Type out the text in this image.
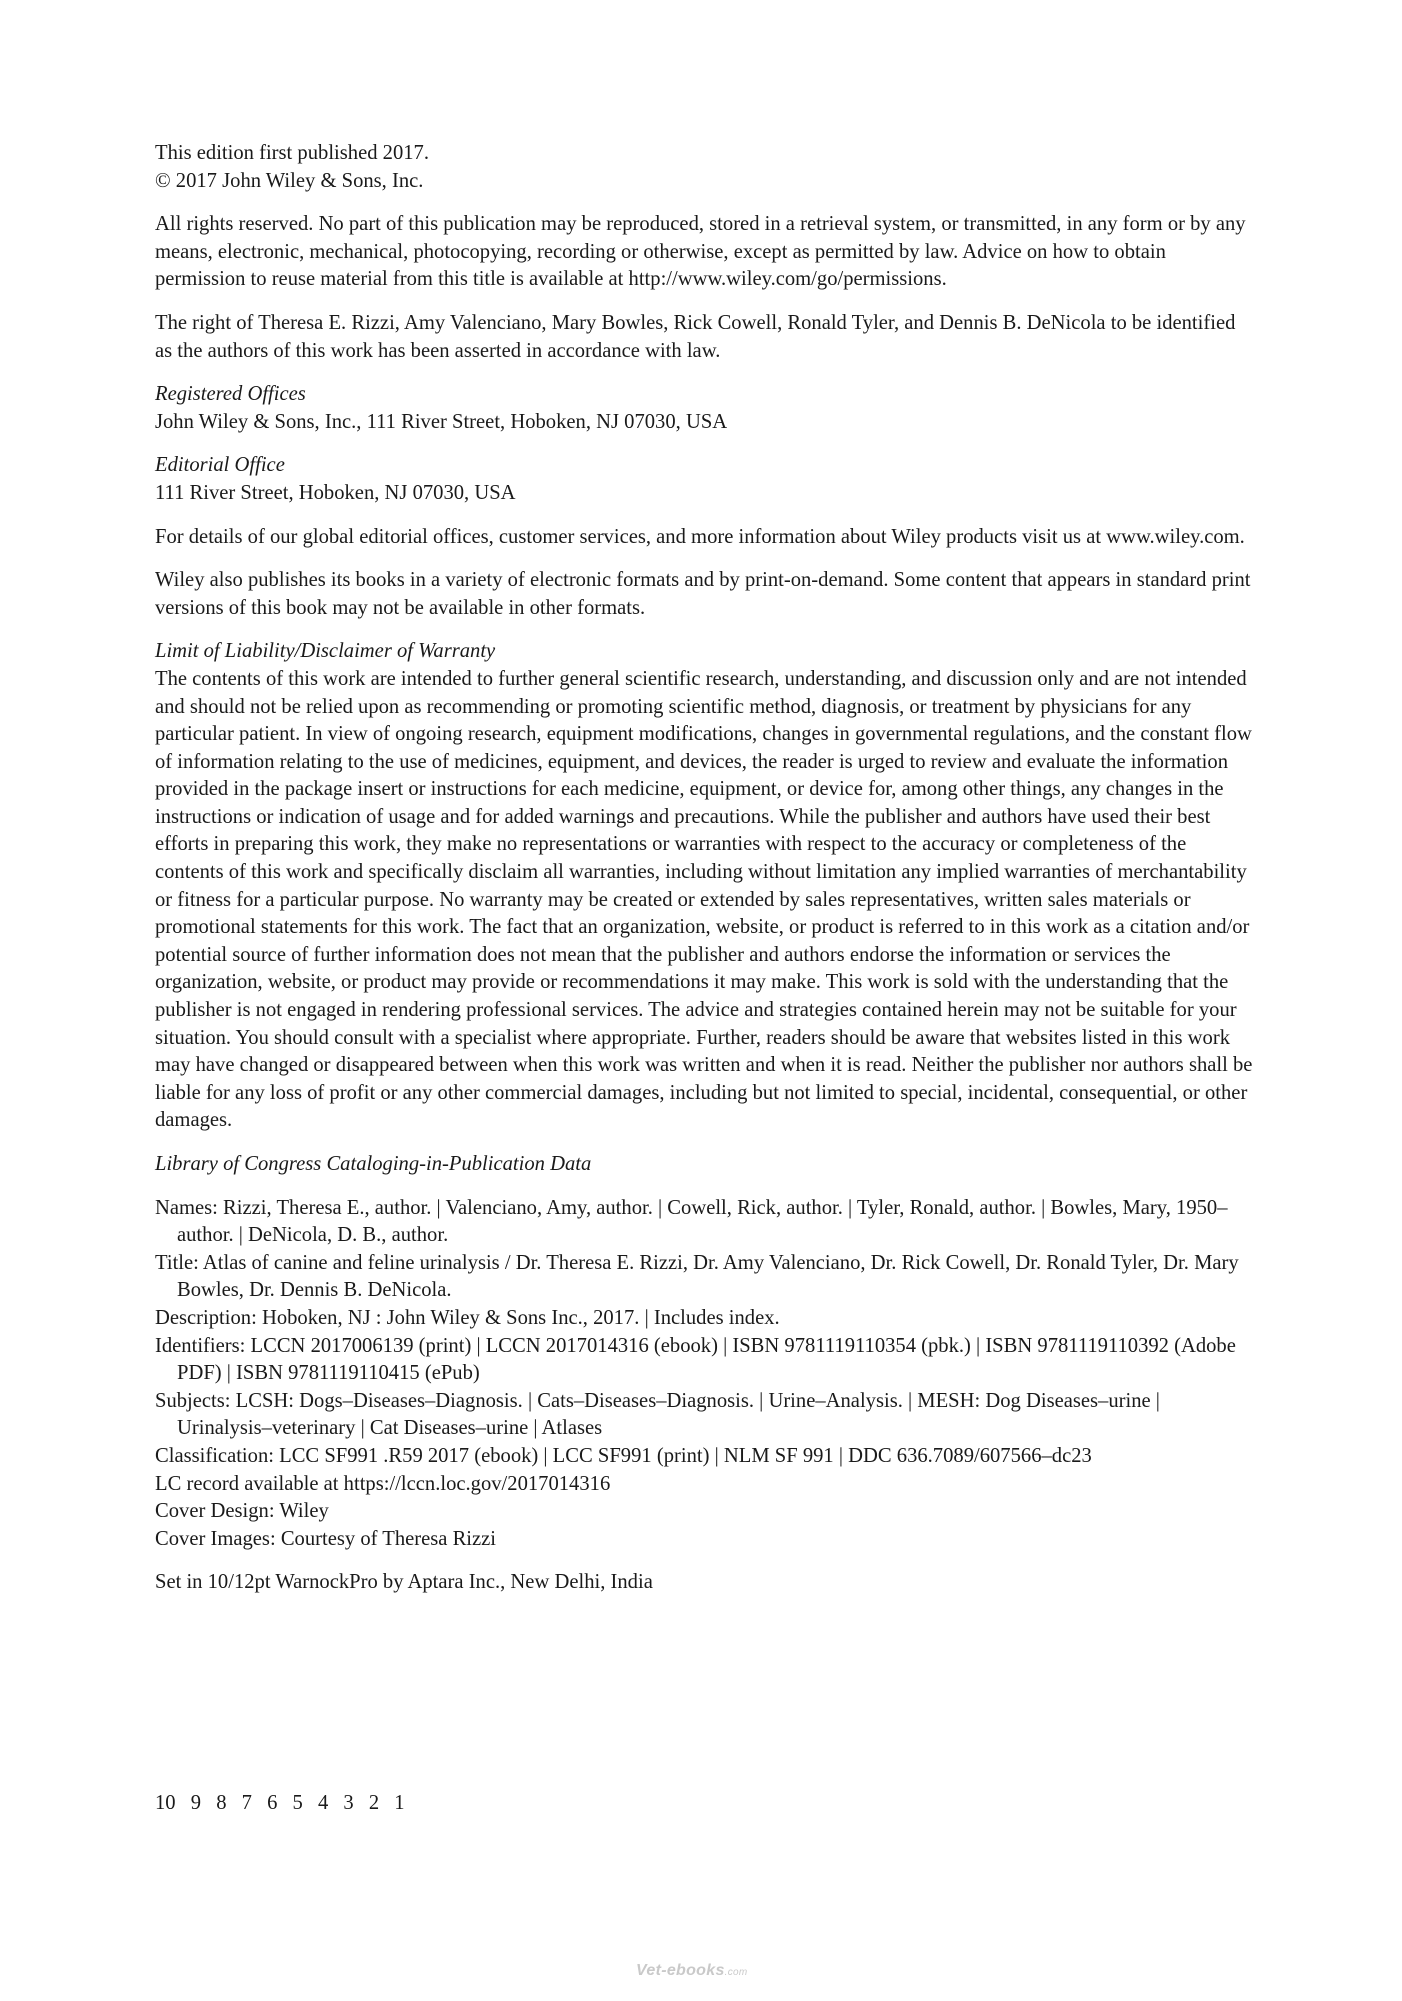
This edition first published 2017.
© 2017 John Wiley & Sons, Inc.

All rights reserved. No part of this publication may be reproduced, stored in a retrieval system, or transmitted, in any form or by any means, electronic, mechanical, photocopying, recording or otherwise, except as permitted by law. Advice on how to obtain permission to reuse material from this title is available at http://www.wiley.com/go/permissions.

The right of Theresa E. Rizzi, Amy Valenciano, Mary Bowles, Rick Cowell, Ronald Tyler, and Dennis B. DeNicola to be identified as the authors of this work has been asserted in accordance with law.

Registered Offices
John Wiley & Sons, Inc., 111 River Street, Hoboken, NJ 07030, USA
Editorial Office
111 River Street, Hoboken, NJ 07030, USA

For details of our global editorial offices, customer services, and more information about Wiley products visit us at www.wiley.com.

Wiley also publishes its books in a variety of electronic formats and by print-on-demand. Some content that appears in standard print versions of this book may not be available in other formats.

Limit of Liability/Disclaimer of Warranty
The contents of this work are intended to further general scientific research, understanding, and discussion only and are not intended and should not be relied upon as recommending or promoting scientific method, diagnosis, or treatment by physicians for any particular patient. In view of ongoing research, equipment modifications, changes in governmental regulations, and the constant flow of information relating to the use of medicines, equipment, and devices, the reader is urged to review and evaluate the information provided in the package insert or instructions for each medicine, equipment, or device for, among other things, any changes in the instructions or indication of usage and for added warnings and precautions. While the publisher and authors have used their best efforts in preparing this work, they make no representations or warranties with respect to the accuracy or completeness of the contents of this work and specifically disclaim all warranties, including without limitation any implied warranties of merchantability or fitness for a particular purpose. No warranty may be created or extended by sales representatives, written sales materials or promotional statements for this work. The fact that an organization, website, or product is referred to in this work as a citation and/or potential source of further information does not mean that the publisher and authors endorse the information or services the organization, website, or product may provide or recommendations it may make. This work is sold with the understanding that the publisher is not engaged in rendering professional services. The advice and strategies contained herein may not be suitable for your situation. You should consult with a specialist where appropriate. Further, readers should be aware that websites listed in this work may have changed or disappeared between when this work was written and when it is read. Neither the publisher nor authors shall be liable for any loss of profit or any other commercial damages, including but not limited to special, incidental, consequential, or other damages.

Library of Congress Cataloging-in-Publication Data

Names: Rizzi, Theresa E., author. | Valenciano, Amy, author. | Cowell, Rick, author. | Tyler, Ronald, author. | Bowles, Mary, 1950– author. | DeNicola, D. B., author.
Title: Atlas of canine and feline urinalysis / Dr. Theresa E. Rizzi, Dr. Amy Valenciano, Dr. Rick Cowell, Dr. Ronald Tyler, Dr. Mary Bowles, Dr. Dennis B. DeNicola.
Description: Hoboken, NJ : John Wiley & Sons Inc., 2017. | Includes index.
Identifiers: LCCN 2017006139 (print) | LCCN 2017014316 (ebook) | ISBN 9781119110354 (pbk.) | ISBN 9781119110392 (Adobe PDF) | ISBN 9781119110415 (ePub)
Subjects: LCSH: Dogs–Diseases–Diagnosis. | Cats–Diseases–Diagnosis. | Urine–Analysis. | MESH: Dog Diseases–urine | Urinalysis–veterinary | Cat Diseases–urine | Atlases
Classification: LCC SF991 .R59 2017 (ebook) | LCC SF991 (print) | NLM SF 991 | DDC 636.7089/607566–dc23
LC record available at https://lccn.loc.gov/2017014316
Cover Design: Wiley
Cover Images: Courtesy of Theresa Rizzi

Set in 10/12pt WarnockPro by Aptara Inc., New Delhi, India

10 9 8 7 6 5 4 3 2 1
Vet-ebooks.com
